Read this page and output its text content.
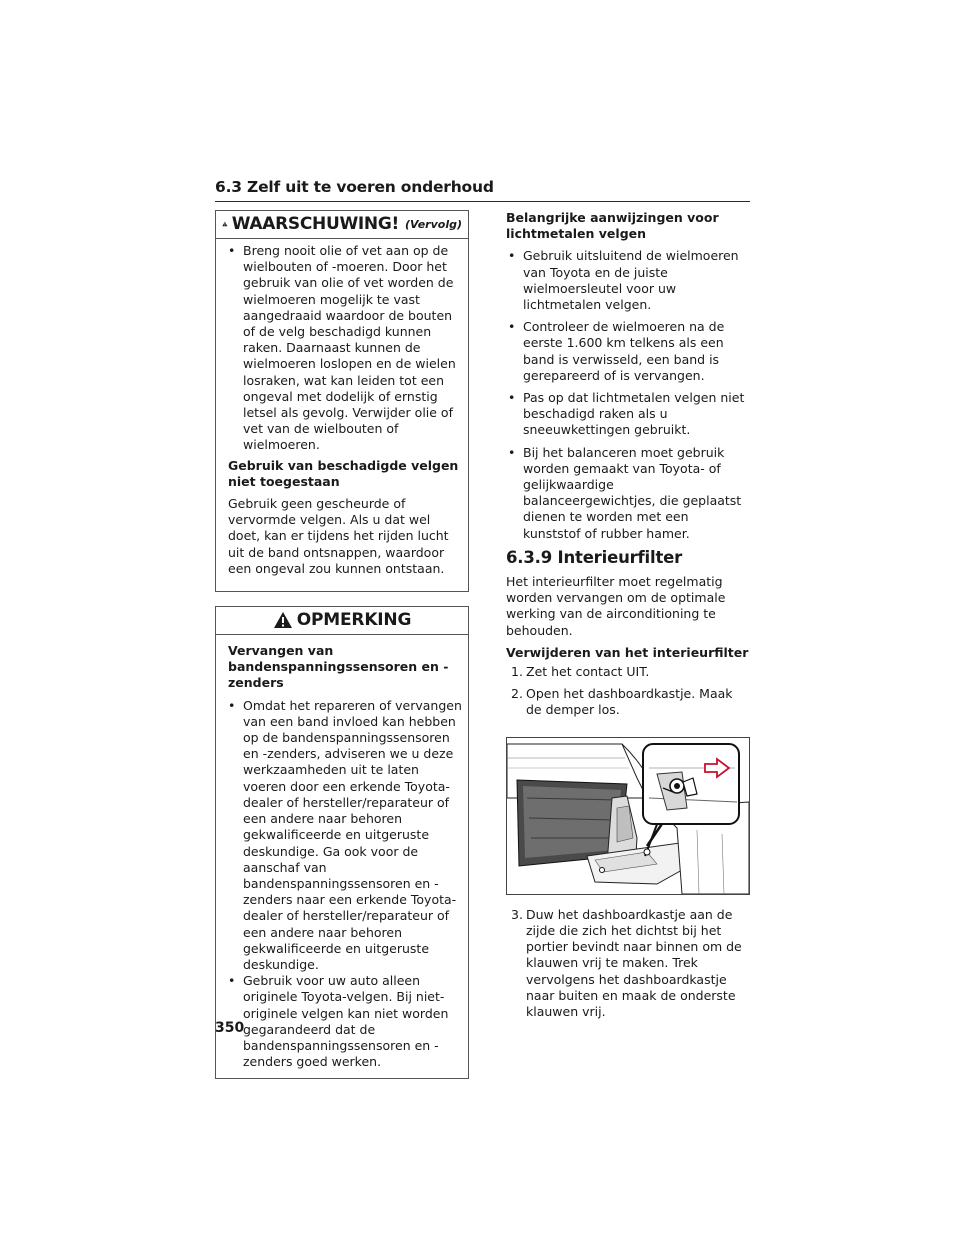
6.3 Zelf uit te voeren onderhoud
WAARSCHUWING! (Vervolg)

• Breng nooit olie of vet aan op de wielbouten of -moeren. Door het gebruik van olie of vet worden de wielmoeren mogelijk te vast aangedraaid waardoor de bouten of de velg beschadigd kunnen raken. Daarnaast kunnen de wielmoeren loslopen en de wielen losraken, wat kan leiden tot een ongeval met dodelijk of ernstig letsel als gevolg. Verwijder olie of vet van de wielbouten of wielmoeren.

Gebruik van beschadigde velgen niet toegestaan

Gebruik geen gescheurde of vervormde velgen. Als u dat wel doet, kan er tijdens het rijden lucht uit de band ontsnappen, waardoor een ongeval zou kunnen ontstaan.

OPMERKING

Vervangen van bandenspanningssensoren en -zenders

• Omdat het repareren of vervangen van een band invloed kan hebben op de bandenspanningssensoren en -zenders, adviseren we u deze werkzaamheden uit te laten voeren door een erkende Toyota-dealer of hersteller/reparateur of een andere naar behoren gekwalificeerde en uitgeruste deskundige. Ga ook voor de aanschaf van bandenspanningssensoren en -zenders naar een erkende Toyota-dealer of hersteller/reparateur of een andere naar behoren gekwalificeerde en uitgeruste deskundige.

• Gebruik voor uw auto alleen originele Toyota-velgen. Bij niet-originele velgen kan niet worden gegarandeerd dat de bandenspanningssensoren en -zenders goed werken.

Belangrijke aanwijzingen voor lichtmetalen velgen

• Gebruik uitsluitend de wielmoeren van Toyota en de juiste wielmoersleutel voor uw lichtmetalen velgen.

• Controleer de wielmoeren na de eerste 1.600 km telkens als een band is verwisseld, een band is gerepareerd of is vervangen.

• Pas op dat lichtmetalen velgen niet beschadigd raken als u sneeuwkettingen gebruikt.

• Bij het balanceren moet gebruik worden gemaakt van Toyota- of gelijkwaardige balanceergewichtjes, die geplaatst dienen te worden met een kunststof of rubber hamer.

6.3.9 Interieurfilter

Het interieurfilter moet regelmatig worden vervangen om de optimale werking van de airconditioning te behouden.

Verwijderen van het interieurfilter

1. Zet het contact UIT.
2. Open het dashboardkastje. Maak de demper los.
3. Duw het dashboardkastje aan de zijde die zich het dichtst bij het portier bevindt naar binnen om de klauwen vrij te maken. Trek vervolgens het dashboardkastje naar buiten en maak de onderste klauwen vrij.
350
